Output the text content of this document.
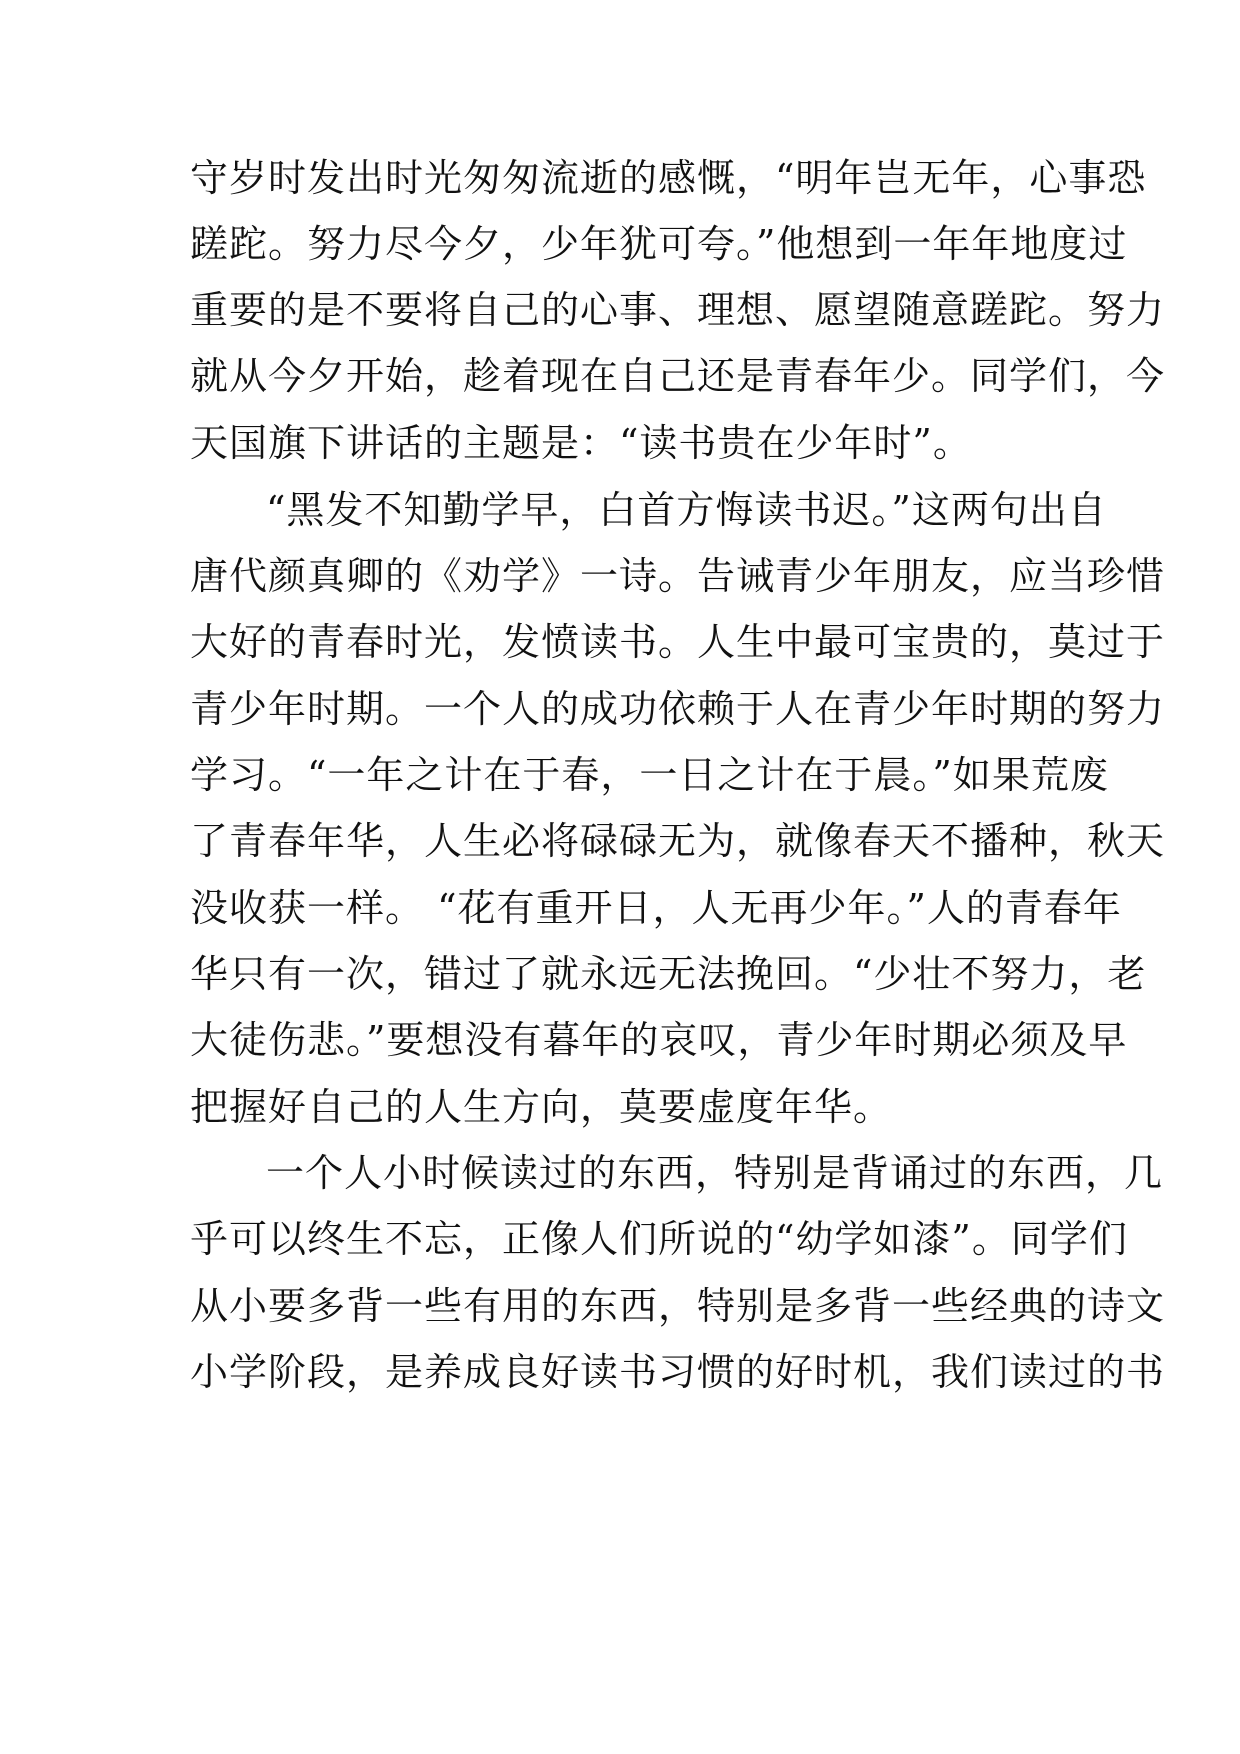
守岁时发出时光匆匆流逝的感慨，“明年岂无年，心事恐
蹉跎。努力尽今夕，少年犹可夸。”他想到一年年地度过
重要的是不要将自己的心事、理想、愿望随意蹉跎。努力
就从今夕开始，趁着现在自己还是青春年少。同学们，今
天国旗下讲话的主题是：“读书贵在少年时”。
“黑发不知勤学早，白首方悔读书迟。”这两句出自
唐代颜真卿的《劝学》一诗。告诫青少年朋友，应当珍惜
大好的青春时光，发愤读书。人生中最可宝贵的，莫过于
青少年时期。一个人的成功依赖于人在青少年时期的努力
学习。“一年之计在于春，一日之计在于晨。”如果荒废
了青春年华，人生必将碌碌无为，就像春天不播种，秋天
没收获一样。 “花有重开日，人无再少年。”人的青春年
华只有一次，错过了就永远无法挽回。“少壮不努力，老
大徒伤悲。”要想没有暮年的哀叹，青少年时期必须及早
把握好自己的人生方向，莫要虚度年华。
一个人小时候读过的东西，特别是背诵过的东西，几
乎可以终生不忘，正像人们所说的“幼学如漆”。同学们
从小要多背一些有用的东西，特别是多背一些经典的诗文
小学阶段，是养成良好读书习惯的好时机，我们读过的书
